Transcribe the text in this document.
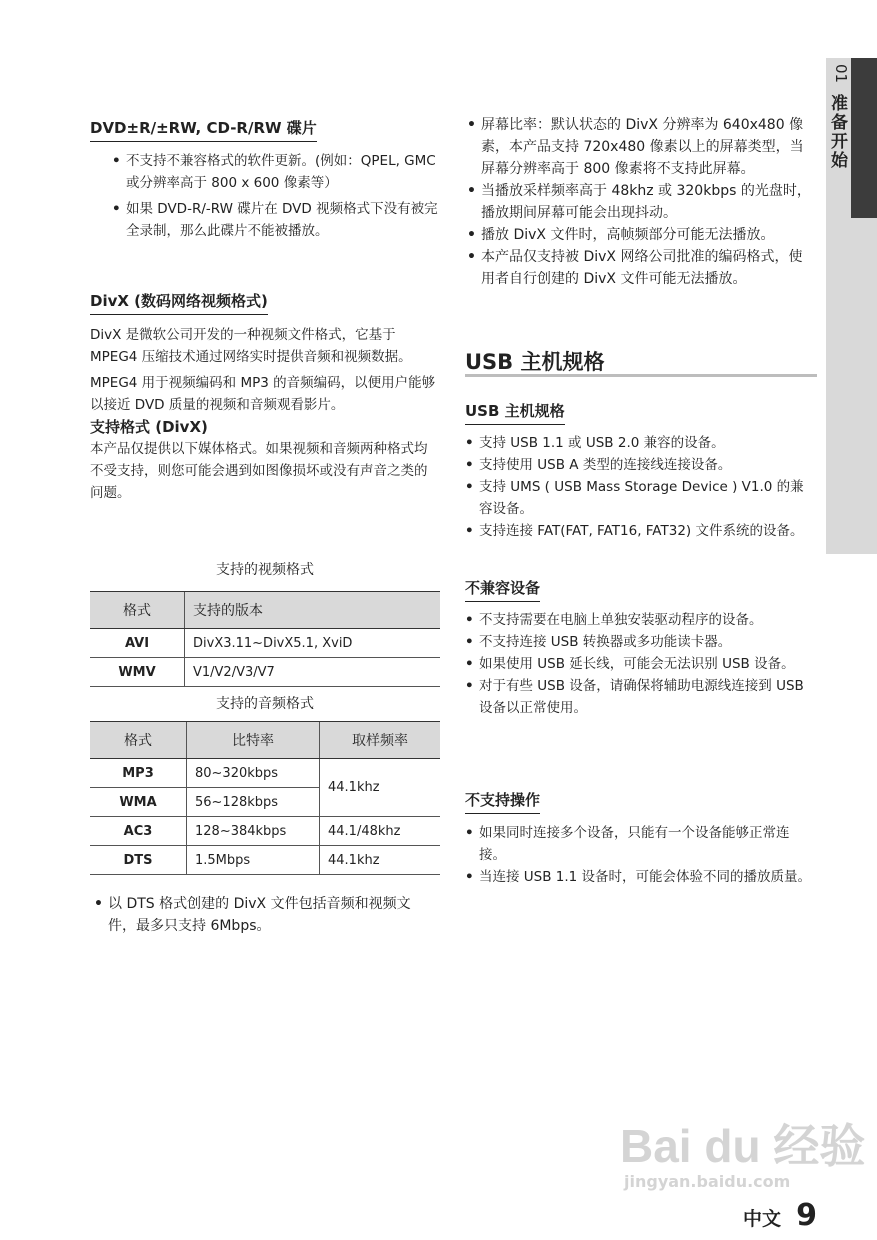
01
准备开始
DVD±R/±RW, CD-R/RW 碟片
• 不支持不兼容格式的软件更新。(例如：QPEL, GMC 或分辨率高于 800 x 600 像素等）
• 如果 DVD-R/-RW 碟片在 DVD 视频格式下没有被完全录制，那么此碟片不能被播放。
DivX (数码网络视频格式)

DivX 是微软公司开发的一种视频文件格式，它基于 MPEG4 压缩技术通过网络实时提供音频和视频数据。

MPEG4 用于视频编码和 MP3 的音频编码，以便用户能够以接近 DVD 质量的视频和音频观看影片。

支持格式 (DivX)

本产品仅提供以下媒体格式。如果视频和音频两种格式均不受支持，则您可能会遇到如图像损坏或没有声音之类的问题。

支持的视频格式
格式	支持的版本
AVI	DivX3.11~DivX5.1, XviD
WMV	V1/V2/V3/V7
支持的音频格式
格式	比特率	取样频率
MP3	80~320kbps	44.1khz
WMA	56~128kbps	
AC3	128~384kbps	44.1/48khz
DTS	1.5Mbps	44.1khz
• 以 DTS 格式创建的 DivX 文件包括音频和视频文件，最多只支持 6Mbps。
• 屏幕比率：默认状态的 DivX 分辨率为 640x480 像素，本产品支持 720x480 像素以上的屏幕类型，当屏幕分辨率高于 800 像素将不支持此屏幕。
• 当播放采样频率高于 48khz 或 320kbps 的光盘时，播放期间屏幕可能会出现抖动。
• 播放 DivX 文件时，高帧频部分可能无法播放。
• 本产品仅支持被 DivX 网络公司批准的编码格式，使用者自行创建的 DivX 文件可能无法播放。
USB 主机规格
USB 主机规格
• 支持 USB 1.1 或 USB 2.0 兼容的设备。
• 支持使用 USB A 类型的连接线连接设备。
• 支持 UMS ( USB Mass Storage Device ) V1.0 的兼容设备。
• 支持连接 FAT(FAT, FAT16, FAT32) 文件系统的设备。
不兼容设备
• 不支持需要在电脑上单独安装驱动程序的设备。
• 不支持连接 USB 转换器或多功能读卡器。
• 如果使用 USB 延长线，可能会无法识别 USB 设备。
• 对于有些 USB 设备，请确保将辅助电源线连接到 USB 设备以正常使用。
不支持操作
• 如果同时连接多个设备，只能有一个设备能够正常连接。
• 当连接 USB 1.1 设备时，可能会体验不同的播放质量。
Bai du 经验
jingyan.baidu.com
中文 9
